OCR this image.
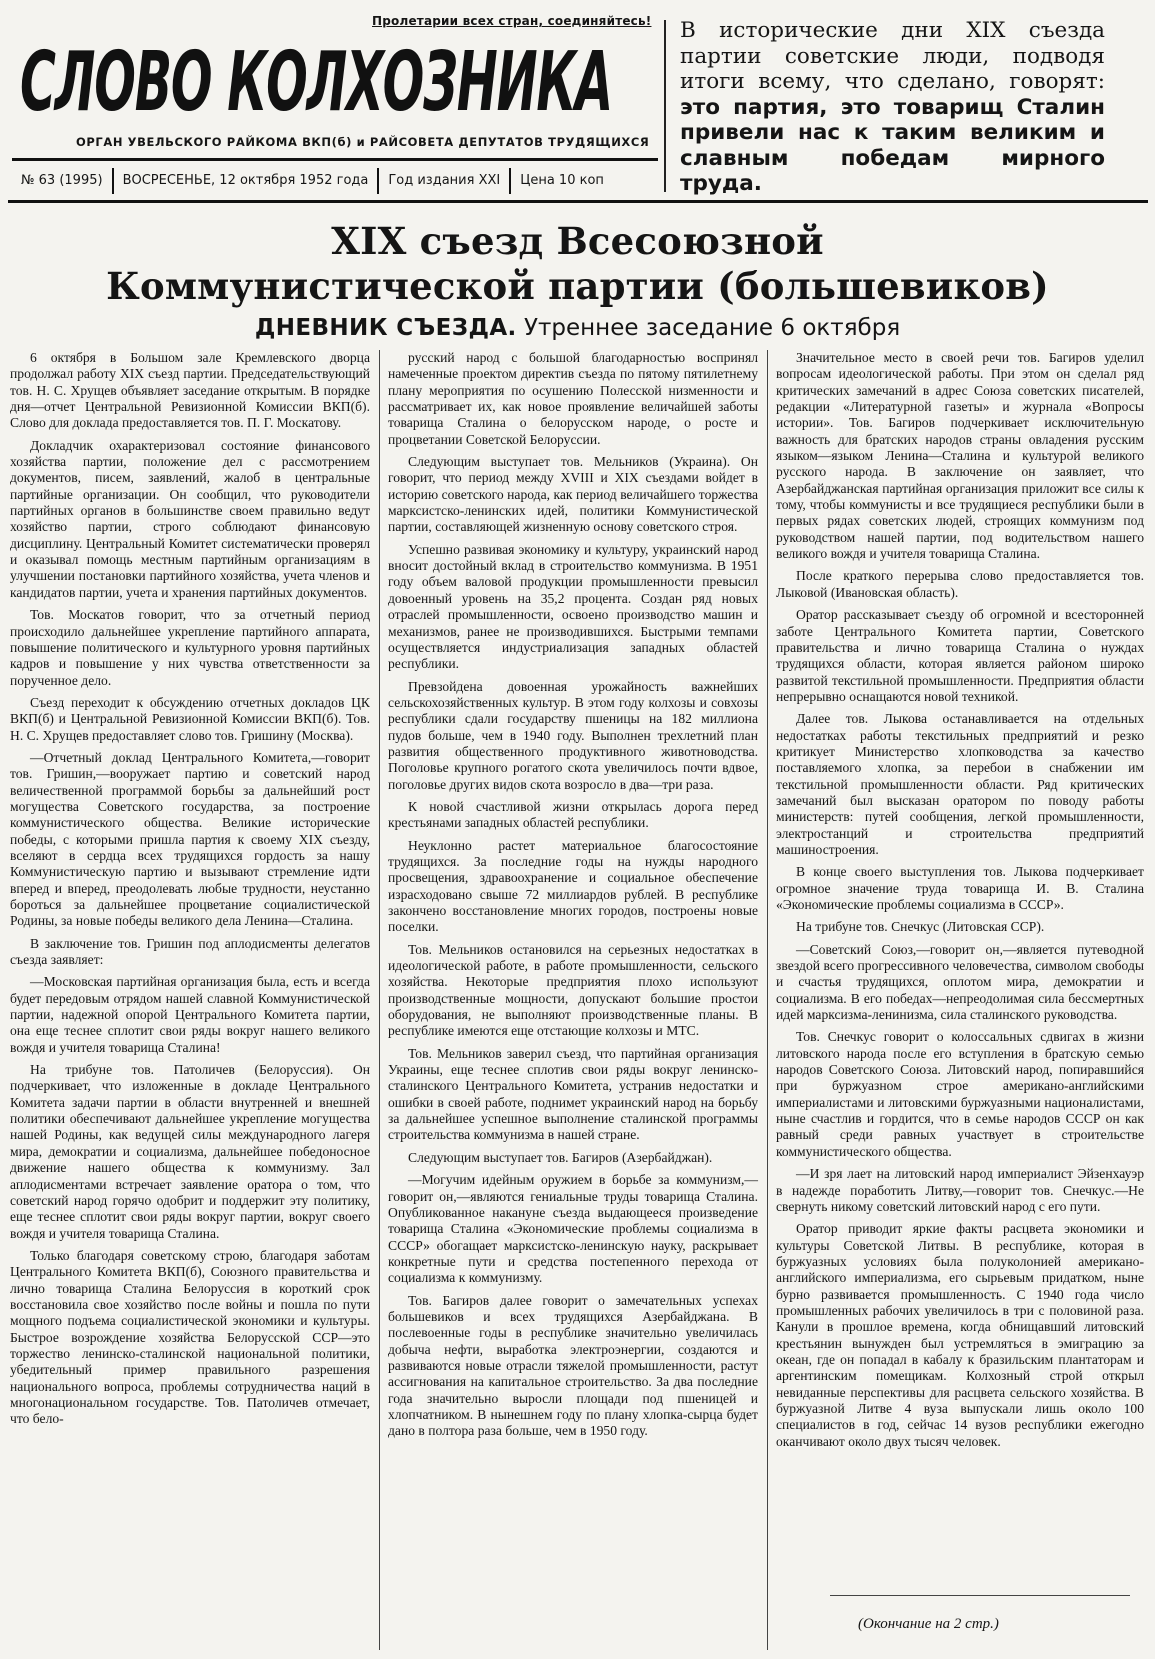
Пролетарии всех стран, соединяйтесь!
СЛОВО КОЛХОЗНИКА
ОРГАН УВЕЛЬСКОГО РАЙКОМА ВКП(б) и РАЙСОВЕТА ДЕПУТАТОВ ТРУДЯЩИХСЯ
№ 63 (1995)	ВОСРЕСЕНЬЕ, 12 октября 1952 года	Год издания XXI	Цена 10 коп
В исторические дни XIX съезда партии советские люди, подводя итоги всему, что сделано, говорят: это партия, это товарищ Сталин привели нас к таким великим и славным победам мирного труда.
XIX съезд Всесоюзной
Коммунистической партии (большевиков)
ДНЕВНИК СЪЕЗДА. Утреннее заседание 6 октября

6 октября в Большом зале Кремлевского дворца продолжал работу XIX съезд партии. Председательствующий тов. Н. С. Хрущев объявляет заседание открытым. В порядке дня—отчет Центральной Ревизионной Комиссии ВКП(б). Слово для доклада предоставляется тов. П. Г. Москатову.

Докладчик охарактеризовал состояние финансового хозяйства партии, положение дел с рассмотрением документов, писем, заявлений, жалоб в центральные партийные организации. Он сообщил, что руководители партийных органов в большинстве своем правильно ведут хозяйство партии, строго соблюдают финансовую дисциплину. Центральный Комитет систематически проверял и оказывал помощь местным партийным организациям в улучшении постановки партийного хозяйства, учета членов и кандидатов партии, учета и хранения партийных документов.

Тов. Москатов говорит, что за отчетный период происходило дальнейшее укрепление партийного аппарата, повышение политического и культурного уровня партийных кадров и повышение у них чувства ответственности за порученное дело.

Съезд переходит к обсуждению отчетных докладов ЦК ВКП(б) и Центральной Ревизионной Комиссии ВКП(б). Тов. Н. С. Хрущев предоставляет слово тов. Гришину (Москва).

—Отчетный доклад Центрального Комитета,—говорит тов. Гришин,—вооружает партию и советский народ величественной программой борьбы за дальнейший рост могущества Советского государства, за построение коммунистического общества. Великие исторические победы, с которыми пришла партия к своему XIX съезду, вселяют в сердца всех трудящихся гордость за нашу Коммунистическую партию и вызывают стремление идти вперед и вперед, преодолевать любые трудности, неустанно бороться за дальнейшее процветание социалистической Родины, за новые победы великого дела Ленина—Сталина.

В заключение тов. Гришин под аплодисменты делегатов съезда заявляет:

—Московская партийная организация была, есть и всегда будет передовым отрядом нашей славной Коммунистической партии, надежной опорой Центрального Комитета партии, она еще теснее сплотит свои ряды вокруг нашего великого вождя и учителя товарища Сталина!

На трибуне тов. Патоличев (Белоруссия). Он подчеркивает, что изложенные в докладе Центрального Комитета задачи партии в области внутренней и внешней политики обеспечивают дальнейшее укрепление могущества нашей Родины, как ведущей силы международного лагеря мира, демократии и социализма, дальнейшее победоносное движение нашего общества к коммунизму. Зал аплодисментами встречает заявление оратора о том, что советский народ горячо одобрит и поддержит эту политику, еще теснее сплотит свои ряды вокруг партии, вокруг своего вождя и учителя товарища Сталина.

Только благодаря советскому строю, благодаря заботам Центрального Комитета ВКП(б), Союзного правительства и лично товарища Сталина Белоруссия в короткий срок восстановила свое хозяйство после войны и пошла по пути мощного подъема социалистической экономики и культуры. Быстрое возрождение хозяйства Белорусской ССР—это торжество ленинско-сталинской национальной политики, убедительный пример правильного разрешения национального вопроса, проблемы сотрудничества наций в многонациональном государстве. Тов. Патоличев отмечает, что бело-

русский народ с большой благодарностью воспринял намеченные проектом директив съезда по пятому пятилетнему плану мероприятия по осушению Полесской низменности и рассматривает их, как новое проявление величайшей заботы товарища Сталина о белорусском народе, о росте и процветании Советской Белоруссии.

Следующим выступает тов. Мельников (Украина). Он говорит, что период между XVIII и XIX съездами войдет в историю советского народа, как период величайшего торжества марксистско-ленинских идей, политики Коммунистической партии, составляющей жизненную основу советского строя.

Успешно развивая экономику и культуру, украинский народ вносит достойный вклад в строительство коммунизма. В 1951 году объем валовой продукции промышленности превысил довоенный уровень на 35,2 процента. Создан ряд новых отраслей промышленности, освоено производство машин и механизмов, ранее не производившихся. Быстрыми темпами осуществляется индустриализация западных областей республики.

Превзойдена довоенная урожайность важнейших сельскохозяйственных культур. В этом году колхозы и совхозы республики сдали государству пшеницы на 182 миллиона пудов больше, чем в 1940 году. Выполнен трехлетний план развития общественного продуктивного животноводства. Поголовье крупного рогатого скота увеличилось почти вдвое, поголовье других видов скота возросло в два—три раза.

К новой счастливой жизни открылась дорога перед крестьянами западных областей республики.

Неуклонно растет материальное благосостояние трудящихся. За последние годы на нужды народного просвещения, здравоохранение и социальное обеспечение израсходовано свыше 72 миллиардов рублей. В республике закончено восстановление многих городов, построены новые поселки.

Тов. Мельников остановился на серьезных недостатках в идеологической работе, в работе промышленности, сельского хозяйства. Некоторые предприятия плохо используют производственные мощности, допускают большие простои оборудования, не выполняют производственные планы. В республике имеются еще отстающие колхозы и МТС.

Тов. Мельников заверил съезд, что партийная организация Украины, еще теснее сплотив свои ряды вокруг ленинско-сталинского Центрального Комитета, устранив недостатки и ошибки в своей работе, поднимет украинский народ на борьбу за дальнейшее успешное выполнение сталинской программы строительства коммунизма в нашей стране.

Следующим выступает тов. Багиров (Азербайджан).

—Могучим идейным оружием в борьбе за коммунизм,—говорит он,—являются гениальные труды товарища Сталина. Опубликованное накануне съезда выдающееся произведение товарища Сталина «Экономические проблемы социализма в СССР» обогащает марксистско-ленинскую науку, раскрывает конкретные пути и средства постепенного перехода от социализма к коммунизму.

Тов. Багиров далее говорит о замечательных успехах большевиков и всех трудящихся Азербайджана. В послевоенные годы в республике значительно увеличилась добыча нефти, выработка электроэнергии, создаются и развиваются новые отрасли тяжелой промышленности, растут ассигнования на капитальное строительство. За два последние года значительно выросли площади под пшеницей и хлопчатником. В нынешнем году по плану хлопка-сырца будет дано в полтора раза больше, чем в 1950 году.

Значительное место в своей речи тов. Багиров уделил вопросам идеологической работы. При этом он сделал ряд критических замечаний в адрес Союза советских писателей, редакции «Литературной газеты» и журнала «Вопросы истории». Тов. Багиров подчеркивает исключительную важность для братских народов страны овладения русским языком—языком Ленина—Сталина и культурой великого русского народа. В заключение он заявляет, что Азербайджанская партийная организация приложит все силы к тому, чтобы коммунисты и все трудящиеся республики были в первых рядах советских людей, строящих коммунизм под руководством нашей партии, под водительством нашего великого вождя и учителя товарища Сталина.

После краткого перерыва слово предоставляется тов. Лыковой (Ивановская область).

Оратор рассказывает съезду об огромной и всесторонней заботе Центрального Комитета партии, Советского правительства и лично товарища Сталина о нуждах трудящихся области, которая является районом широко развитой текстильной промышленности. Предприятия области непрерывно оснащаются новой техникой.

Далее тов. Лыкова останавливается на отдельных недостатках работы текстильных предприятий и резко критикует Министерство хлопководства за качество поставляемого хлопка, за перебои в снабжении им текстильной промышленности области. Ряд критических замечаний был высказан оратором по поводу работы министерств: путей сообщения, легкой промышленности, электростанций и строительства предприятий машиностроения.

В конце своего выступления тов. Лыкова подчеркивает огромное значение труда товарища И. В. Сталина «Экономические проблемы социализма в СССР».

На трибуне тов. Снечкус (Литовская ССР).

—Советский Союз,—говорит он,—является путеводной звездой всего прогрессивного человечества, символом свободы и счастья трудящихся, оплотом мира, демократии и социализма. В его победах—непреодолимая сила бессмертных идей марксизма-ленинизма, сила сталинского руководства.

Тов. Снечкус говорит о колоссальных сдвигах в жизни литовского народа после его вступления в братскую семью народов Советского Союза. Литовский народ, попиравшийся при буржуазном строе американо-английскими империалистами и литовскими буржуазными националистами, ныне счастлив и гордится, что в семье народов СССР он как равный среди равных участвует в строительстве коммунистического общества.

—И зря лает на литовский народ империалист Эйзенхауэр в надежде поработить Литву,—говорит тов. Снечкус.—Не свернуть никому советский литовский народ с его пути.

Оратор приводит яркие факты расцвета экономики и культуры Советской Литвы. В республике, которая в буржуазных условиях была полуколонией американо-английского империализма, его сырьевым придатком, ныне бурно развивается промышленность. С 1940 года число промышленных рабочих увеличилось в три с половиной раза. Канули в прошлое времена, когда обнищавший литовский крестьянин вынужден был устремляться в эмиграцию за океан, где он попадал в кабалу к бразильским плантаторам и аргентинским помещикам. Колхозный строй открыл невиданные перспективы для расцвета сельского хозяйства. В буржуазной Литве 4 вуза выпускали лишь около 100 специалистов в год, сейчас 14 вузов республики ежегодно оканчивают около двух тысяч человек.

(Окончание на 2 стр.)
